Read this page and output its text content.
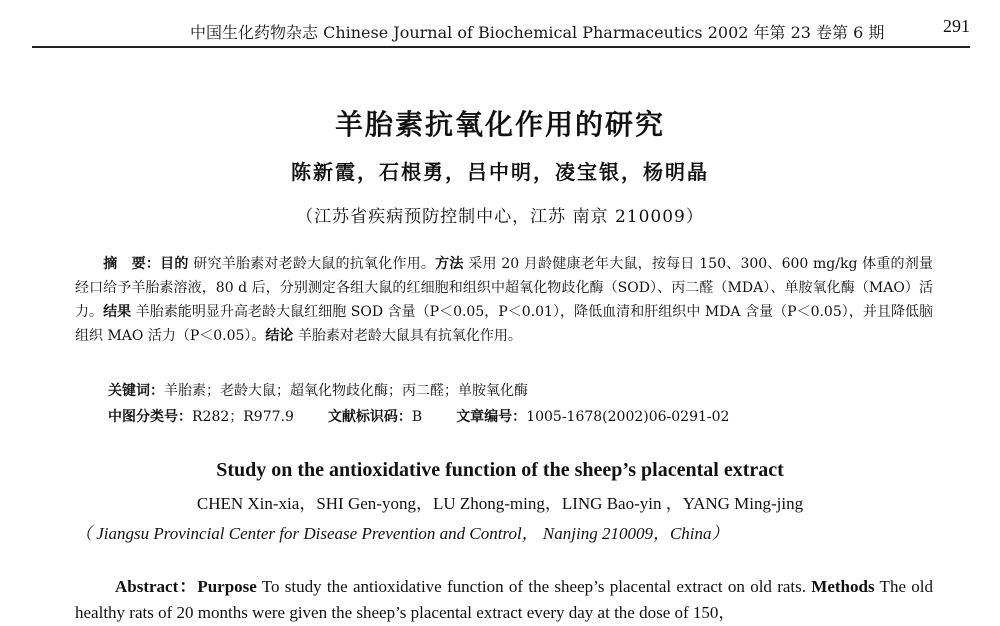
中国生化药物杂志 Chinese Journal of Biochemical Pharmaceutics 2002 年第 23 卷第 6 期	291
羊胎素抗氧化作用的研究
陈新霞，石根勇，吕中明，凌宝银，杨明晶
（江苏省疾病预防控制中心，江苏 南京 210009）
摘　要：目的 研究羊胎素对老龄大鼠的抗氧化作用。方法 采用 20 月龄健康老年大鼠，按每日 150、300、600 mg/kg 体重的剂量经口给予羊胎素溶液，80 d 后，分别测定各组大鼠的红细胞和组织中超氧化物歧化酶（SOD）、丙二醛（MDA）、单胺氧化酶（MAO）活力。结果 羊胎素能明显升高老龄大鼠红细胞 SOD 含量（P＜0.05，P＜0.01），降低血清和肝组织中 MDA 含量（P＜0.05），并且降低脑组织 MAO 活力（P＜0.05）。结论 羊胎素对老龄大鼠具有抗氧化作用。
关键词：羊胎素；老龄大鼠；超氧化物歧化酶；丙二醛；单胺氧化酶
中图分类号：R282；R977.9 文献标识码：B 文章编号：1005-1678(2002)06-0291-02
Study on the antioxidative function of the sheep’s placental extract
CHEN Xin-xia，SHI Gen-yong，LU Zhong-ming，LING Bao-yin ，YANG Ming-jing
（ Jiangsu Provincial Center for Disease Prevention and Control， Nanjing 210009，China）
Abstract：Purpose To study the antioxidative function of the sheep’s placental extract on old rats. Methods The old healthy rats of 20 months were given the sheep’s placental extract every day at the dose of 150，
